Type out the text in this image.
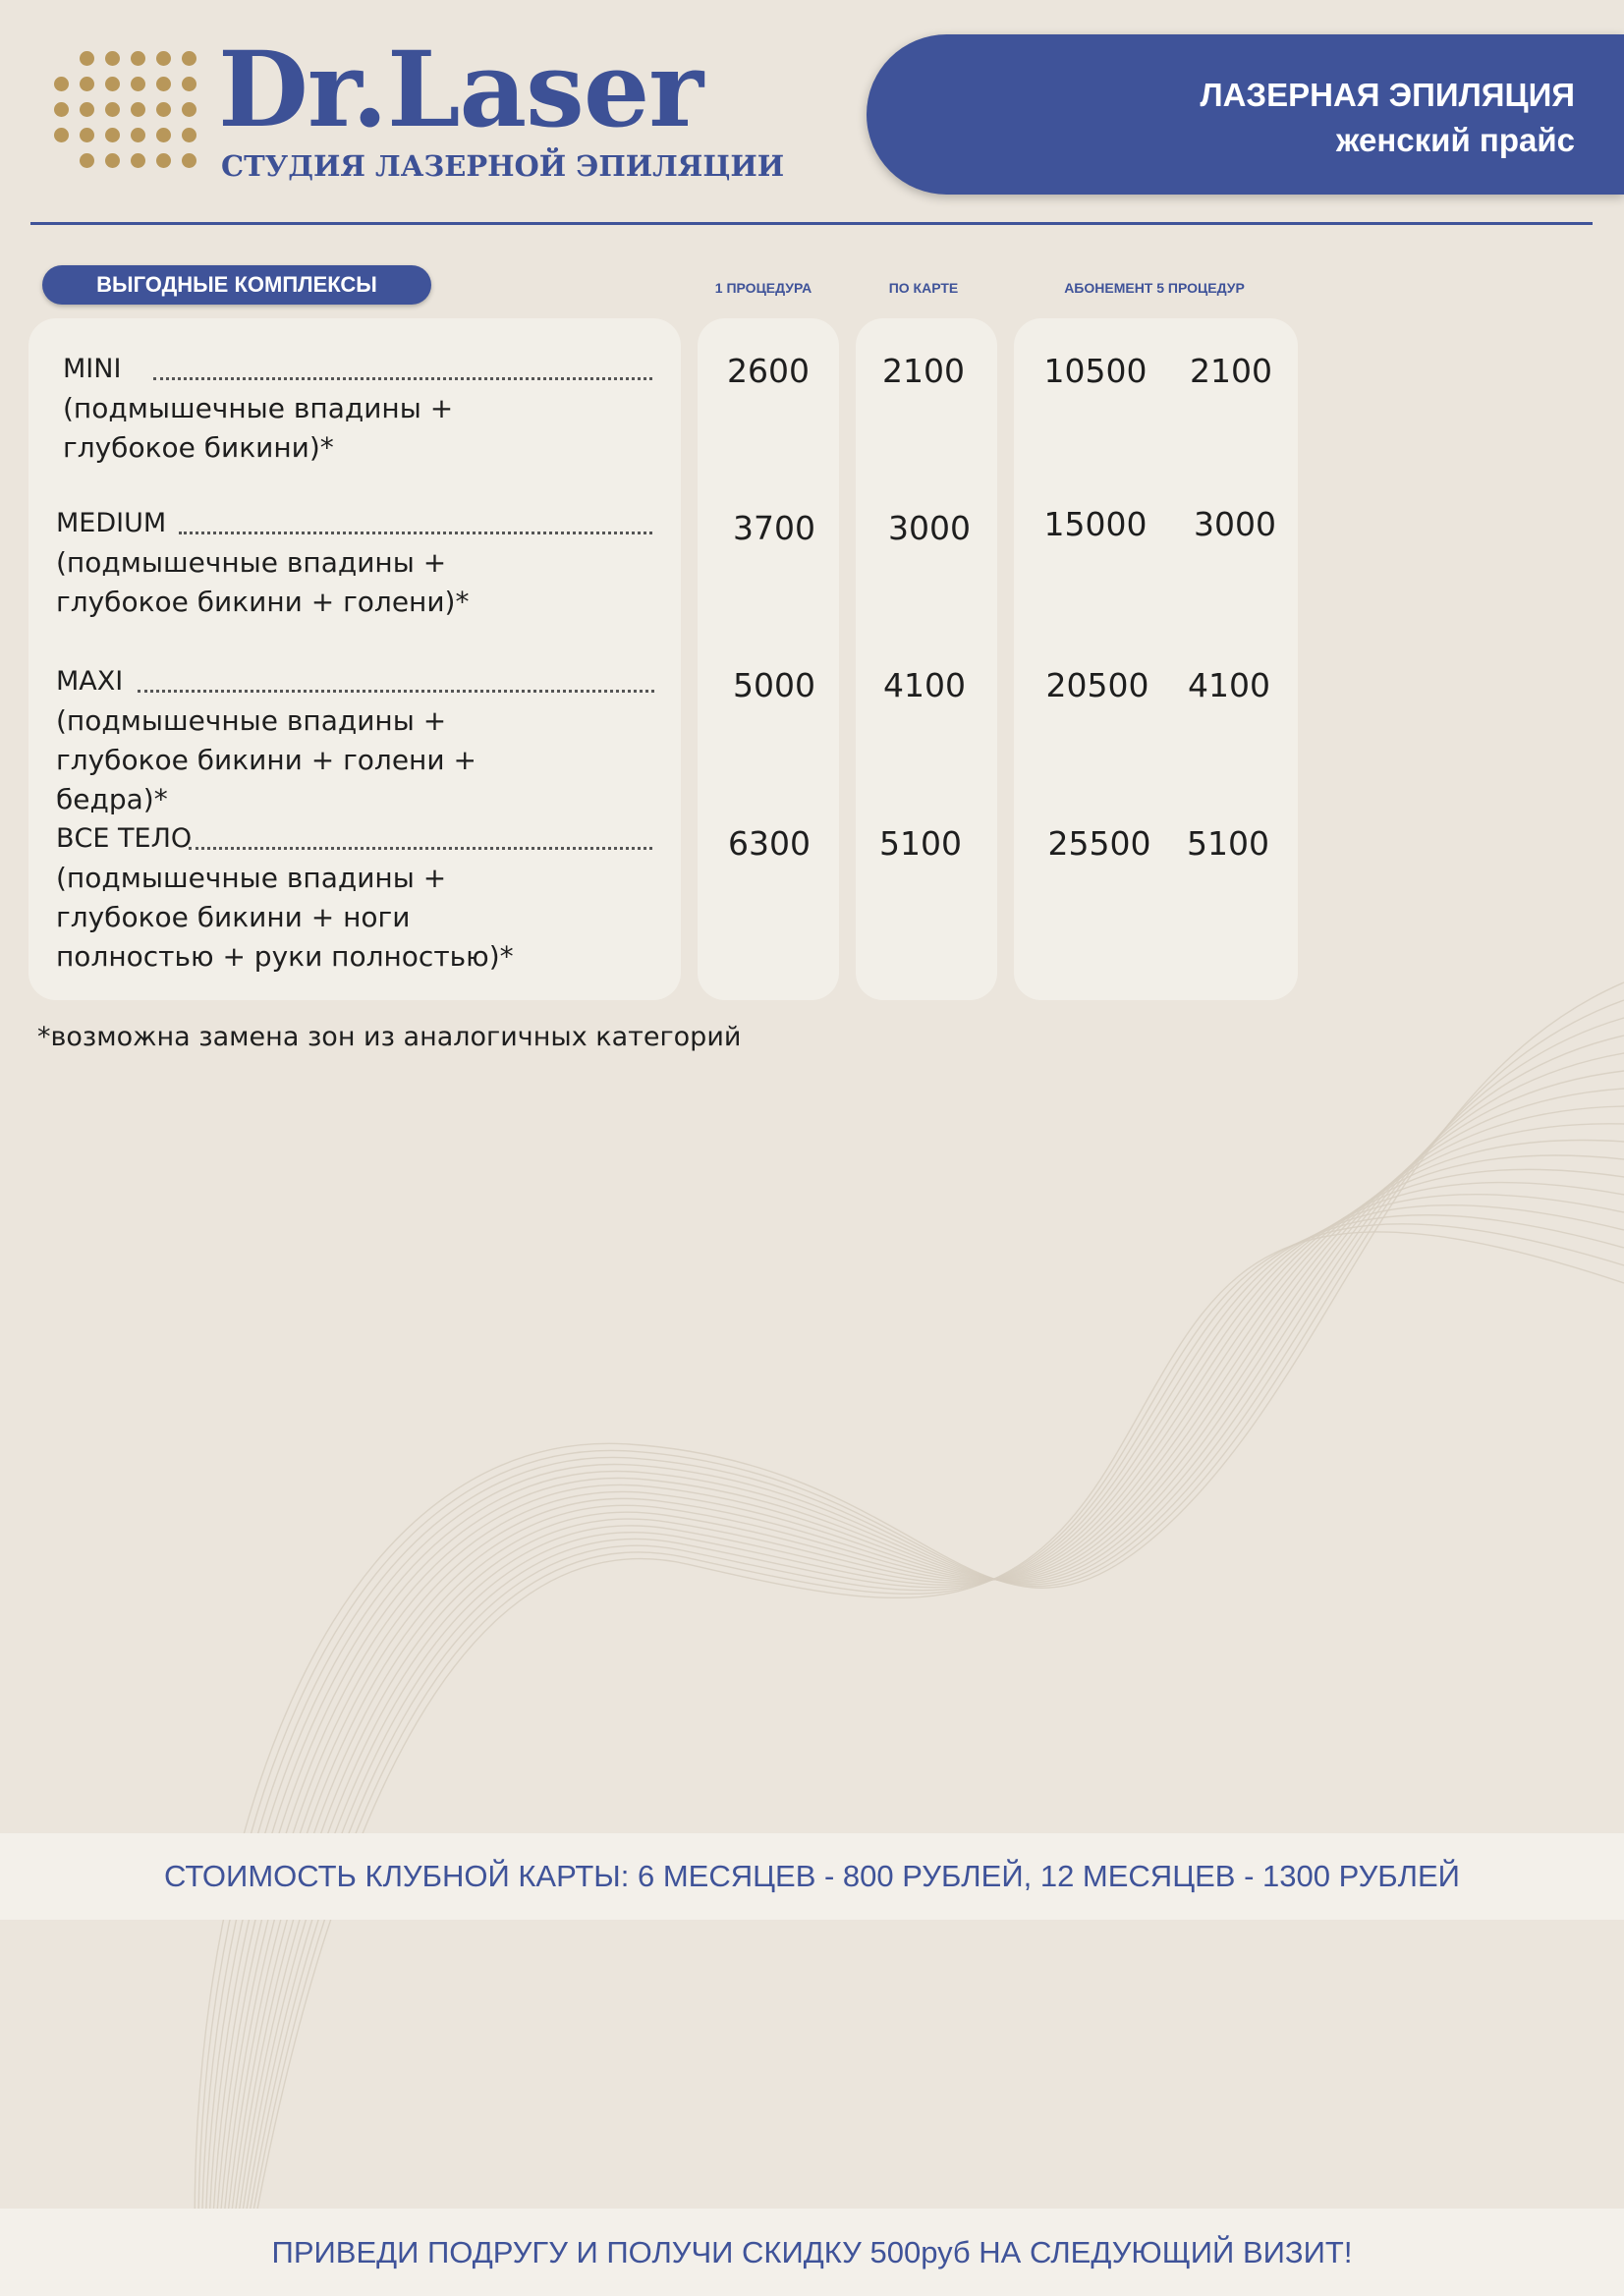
Dr.Laser
СТУДИЯ ЛАЗЕРНОЙ ЭПИЛЯЦИИ
ЛАЗЕРНАЯ ЭПИЛЯЦИЯ
женский прайс
ВЫГОДНЫЕ КОМПЛЕКСЫ	1 ПРОЦЕДУРА	ПО КАРТЕ	АБОНЕМЕНТ 5 ПРОЦЕДУР
MINI
(подмышечные впадины + глубокое бикини)*
2600	2100	10500	2100
MEDIUM
(подмышечные впадины + глубокое бикини + голени)*
3700	3000	15000	3000
MAXI
(подмышечные впадины + глубокое бикини + голени + бедра)*
5000	4100	20500	4100
ВСЕ ТЕЛО
(подмышечные впадины + глубокое бикини + ноги полностью + руки полностью)*
6300	5100	25500	5100
*возможна замена зон из аналогичных категорий
СТОИМОСТЬ КЛУБНОЙ КАРТЫ: 6 МЕСЯЦЕВ - 800 РУБЛЕЙ, 12 МЕСЯЦЕВ - 1300 РУБЛЕЙ
ПРИВЕДИ ПОДРУГУ И ПОЛУЧИ СКИДКУ 500руб НА СЛЕДУЮЩИЙ ВИЗИТ!
